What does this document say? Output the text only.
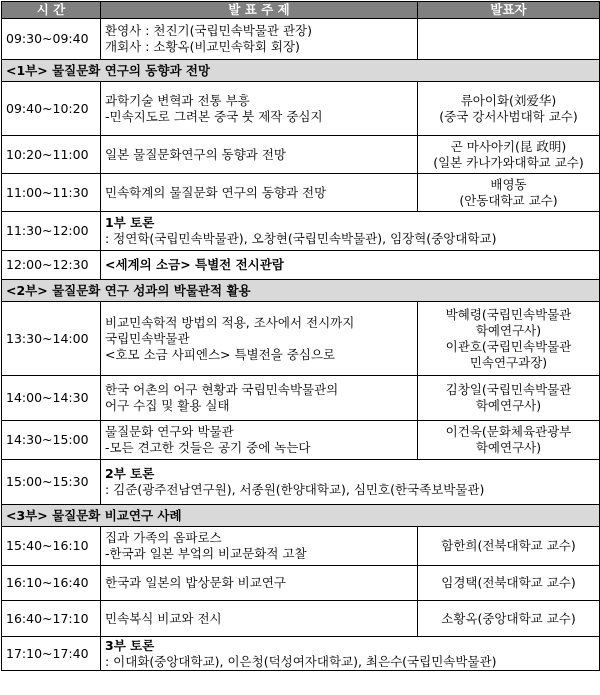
시 간	발 표 주 제	발표자
09:30~09:40	환영사 : 천진기(국립민속박물관 관장)
개회사 : 소황옥(비교민속학회 회장)	

<1부> 물질문화 연구의 동향과 전망		
09:40~10:20	과학기술 변혁과 전통 부흥
-민속지도로 그려본 중국 붓 제작 중심지	류아이화(刘爱华)
(중국 강서사범대학 교수)

10:20~11:00	일본 물질문화연구의 동향과 전망	곤 마사아키(昆 政明)
(일본 카나가와대학교 교수)

11:00~11:30	민속학계의 물질문화 연구의 동향과 전망	배영동
(안동대학교 교수)

11:30~12:00	1부 토론
: 정연학(국립민속박물관), 오창현(국립민속박물관), 임장혁(중앙대학교)	

12:00~12:30	<세계의 소금> 특별전 전시관람	

<2부> 물질문화 연구 성과의 박물관적 활용		
13:30~14:00	비교민속학적 방법의 적용, 조사에서 전시까지
국립민속박물관
<호모 소금 사피엔스> 특별전을 중심으로	박혜령(국립민속박물관
학예연구사)
이관호(국립민속박물관
민속연구과장)

14:00~14:30	한국 어촌의 어구 현황과 국립민속박물관의
어구 수집 및 활용 실태	김창일(국립민속박물관
학예연구사)

14:30~15:00	물질문화 연구와 박물관
-모든 견고한 것들은 공기 중에 녹는다	이건욱(문화체육관광부
학예연구사)

15:00~15:30	2부 토론
: 김준(광주전남연구원), 서종원(한양대학교), 심민호(한국족보박물관)	

<3부> 물질문화 비교연구 사례		
15:40~16:10	집과 가족의 옴파로스
-한국과 일본 부엌의 비교문화적 고찰	함한희(전북대학교 교수)

16:10~16:40	한국과 일본의 밥상문화 비교연구	임경택(전북대학교 교수)

16:40~17:10	민속복식 비교와 전시	소황옥(중앙대학교 교수)

17:10~17:40	3부 토론
: 이대화(중앙대학교), 이은청(덕성여자대학교), 최은수(국립민속박물관)	
